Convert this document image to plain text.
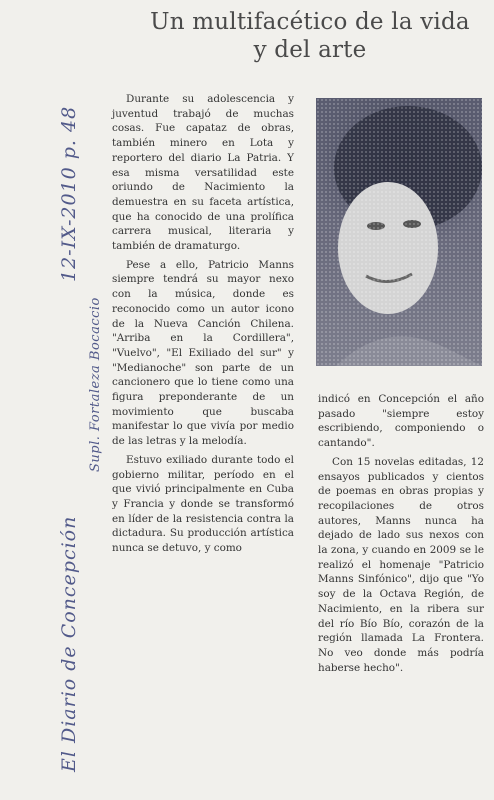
El Diario de Concepción
12-IX-2010 p. 48
Supl. Fortaleza Bocaccio
Un multifacético de la vida y del arte

Durante su adolescencia y juventud trabajó de muchas cosas. Fue capataz de obras, también minero en Lota y reportero del diario La Patria. Y esa misma versatilidad este oriundo de Nacimiento la demuestra en su faceta artística, que ha conocido de una prolífica carrera musical, literaria y también de dramaturgo.

Pese a ello, Patricio Manns siempre tendrá su mayor nexo con la música, donde es reconocido como un autor icono de la Nueva Canción Chilena. "Arriba en la Cordillera", "Vuelvo", "El Exiliado del sur" y "Medianoche" son parte de un cancionero que lo tiene como una figura preponderante de un movimiento que buscaba manifestar lo que vivía por medio de las letras y la melodía.

Estuvo exiliado durante todo el gobierno militar, período en el que vivió principalmente en Cuba y Francia y donde se transformó en líder de la resistencia contra la dictadura. Su producción artística nunca se detuvo, y como

indicó en Concepción el año pasado "siempre estoy escribiendo, componiendo o cantando".

Con 15 novelas editadas, 12 ensayos publicados y cientos de poemas en obras propias y recopilaciones de otros autores, Manns nunca ha dejado de lado sus nexos con la zona, y cuando en 2009 se le realizó el homenaje "Patricio Manns Sinfónico", dijo que "Yo soy de la Octava Región, de Nacimiento, en la ribera sur del río Bío Bío, corazón de la región llamada La Frontera. No veo donde más podría haberse hecho".
